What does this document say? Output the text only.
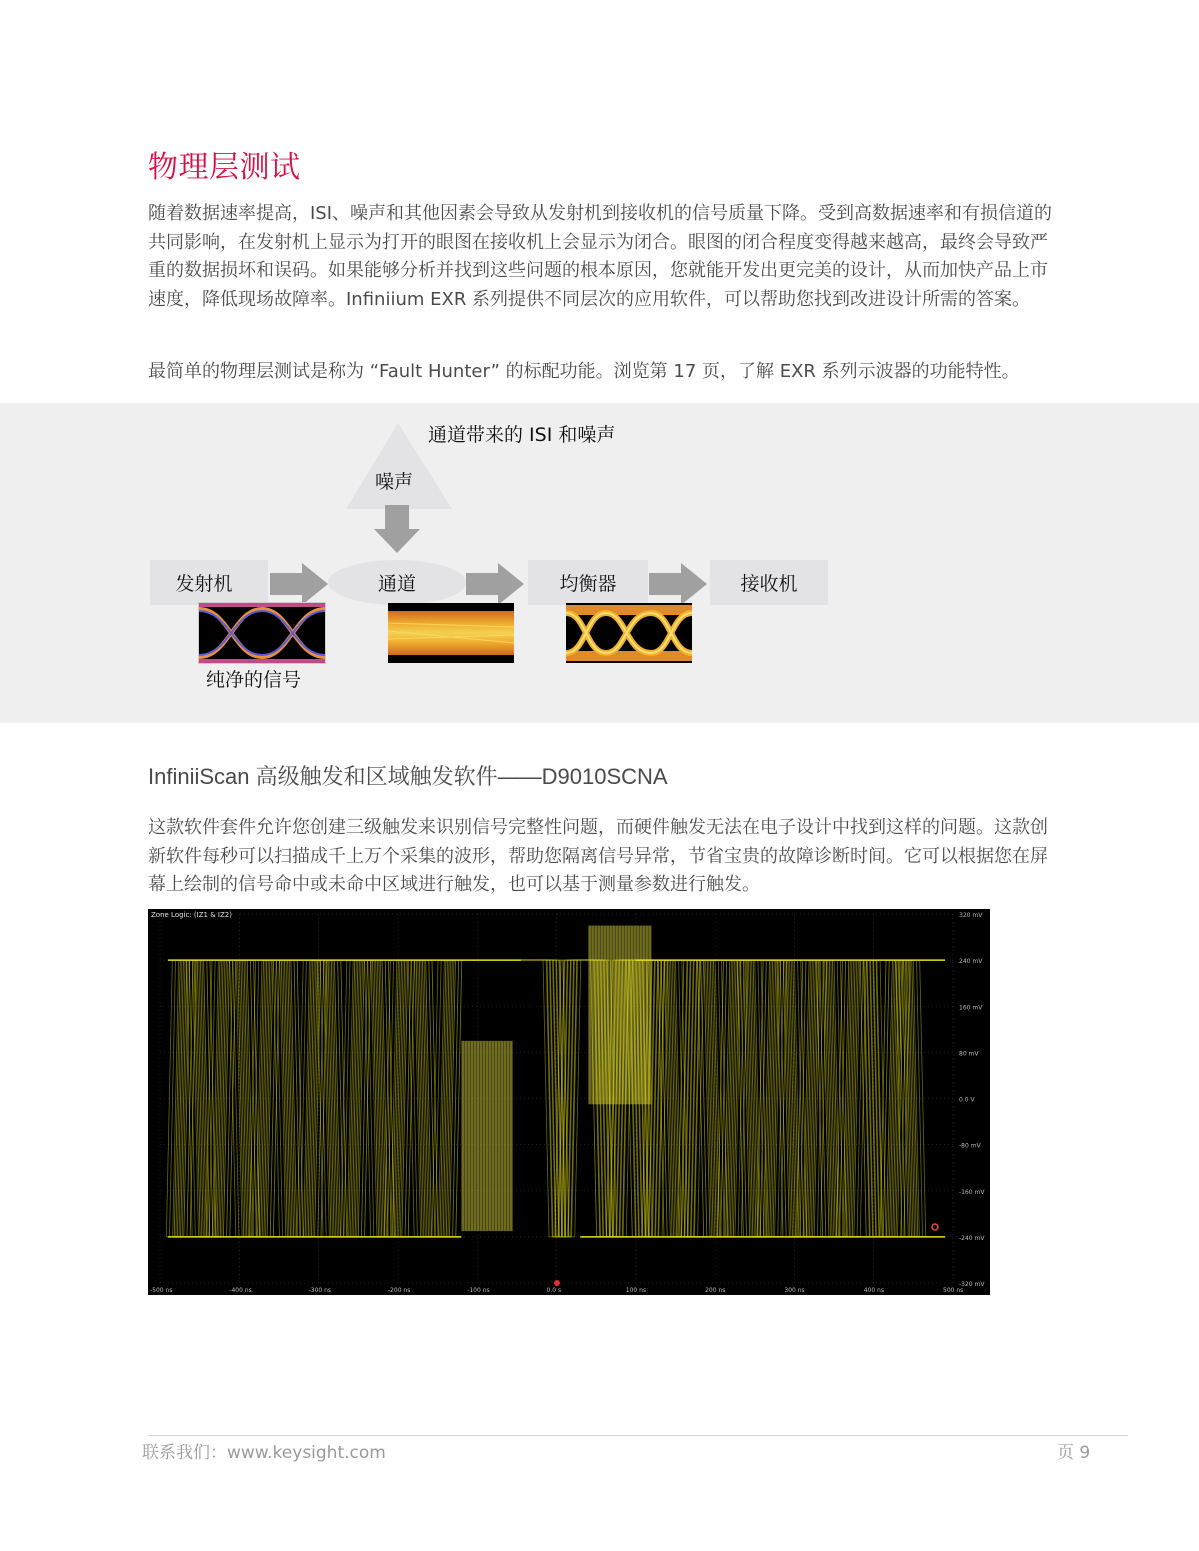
物理层测试

随着数据速率提高，ISI、噪声和其他因素会导致从发射机到接收机的信号质量下降。受到高数据速率和有损信道的共同影响，在发射机上显示为打开的眼图在接收机上会显示为闭合。眼图的闭合程度变得越来越高，最终会导致严重的数据损坏和误码。如果能够分析并找到这些问题的根本原因，您就能开发出更完美的设计，从而加快产品上市速度，降低现场故障率。Infiniium EXR 系列提供不同层次的应用软件，可以帮助您找到改进设计所需的答案。

最简单的物理层测试是称为 “Fault Hunter” 的标配功能。浏览第 17 页，了解 EXR 系列示波器的功能特性。

通道带来的 ISI 和噪声
噪声
发射机	通道	均衡器	接收机
纯净的信号
InfiniiScan 高级触发和区域触发软件——D9010SCNA

这款软件套件允许您创建三级触发来识别信号完整性问题，而硬件触发无法在电子设计中找到这样的问题。这款创新软件每秒可以扫描成千上万个采集的波形，帮助您隔离信号异常，节省宝贵的故障诊断时间。它可以根据您在屏幕上绘制的信号命中或未命中区域进行触发，也可以基于测量参数进行触发。

320 mV
240 mV
160 mV
80 mV
0.0 V
-80 mV
-160 mV
-240 mV
-320 mV
-500 ns	-400 ns	-300 ns	-200 ns	-100 ns	0.0 s	100 ns	200 ns	300 ns	400 ns	500 ns
Zone Logic: (IZ1 & IZ2)
联系我们：www.keysight.com	页 9
